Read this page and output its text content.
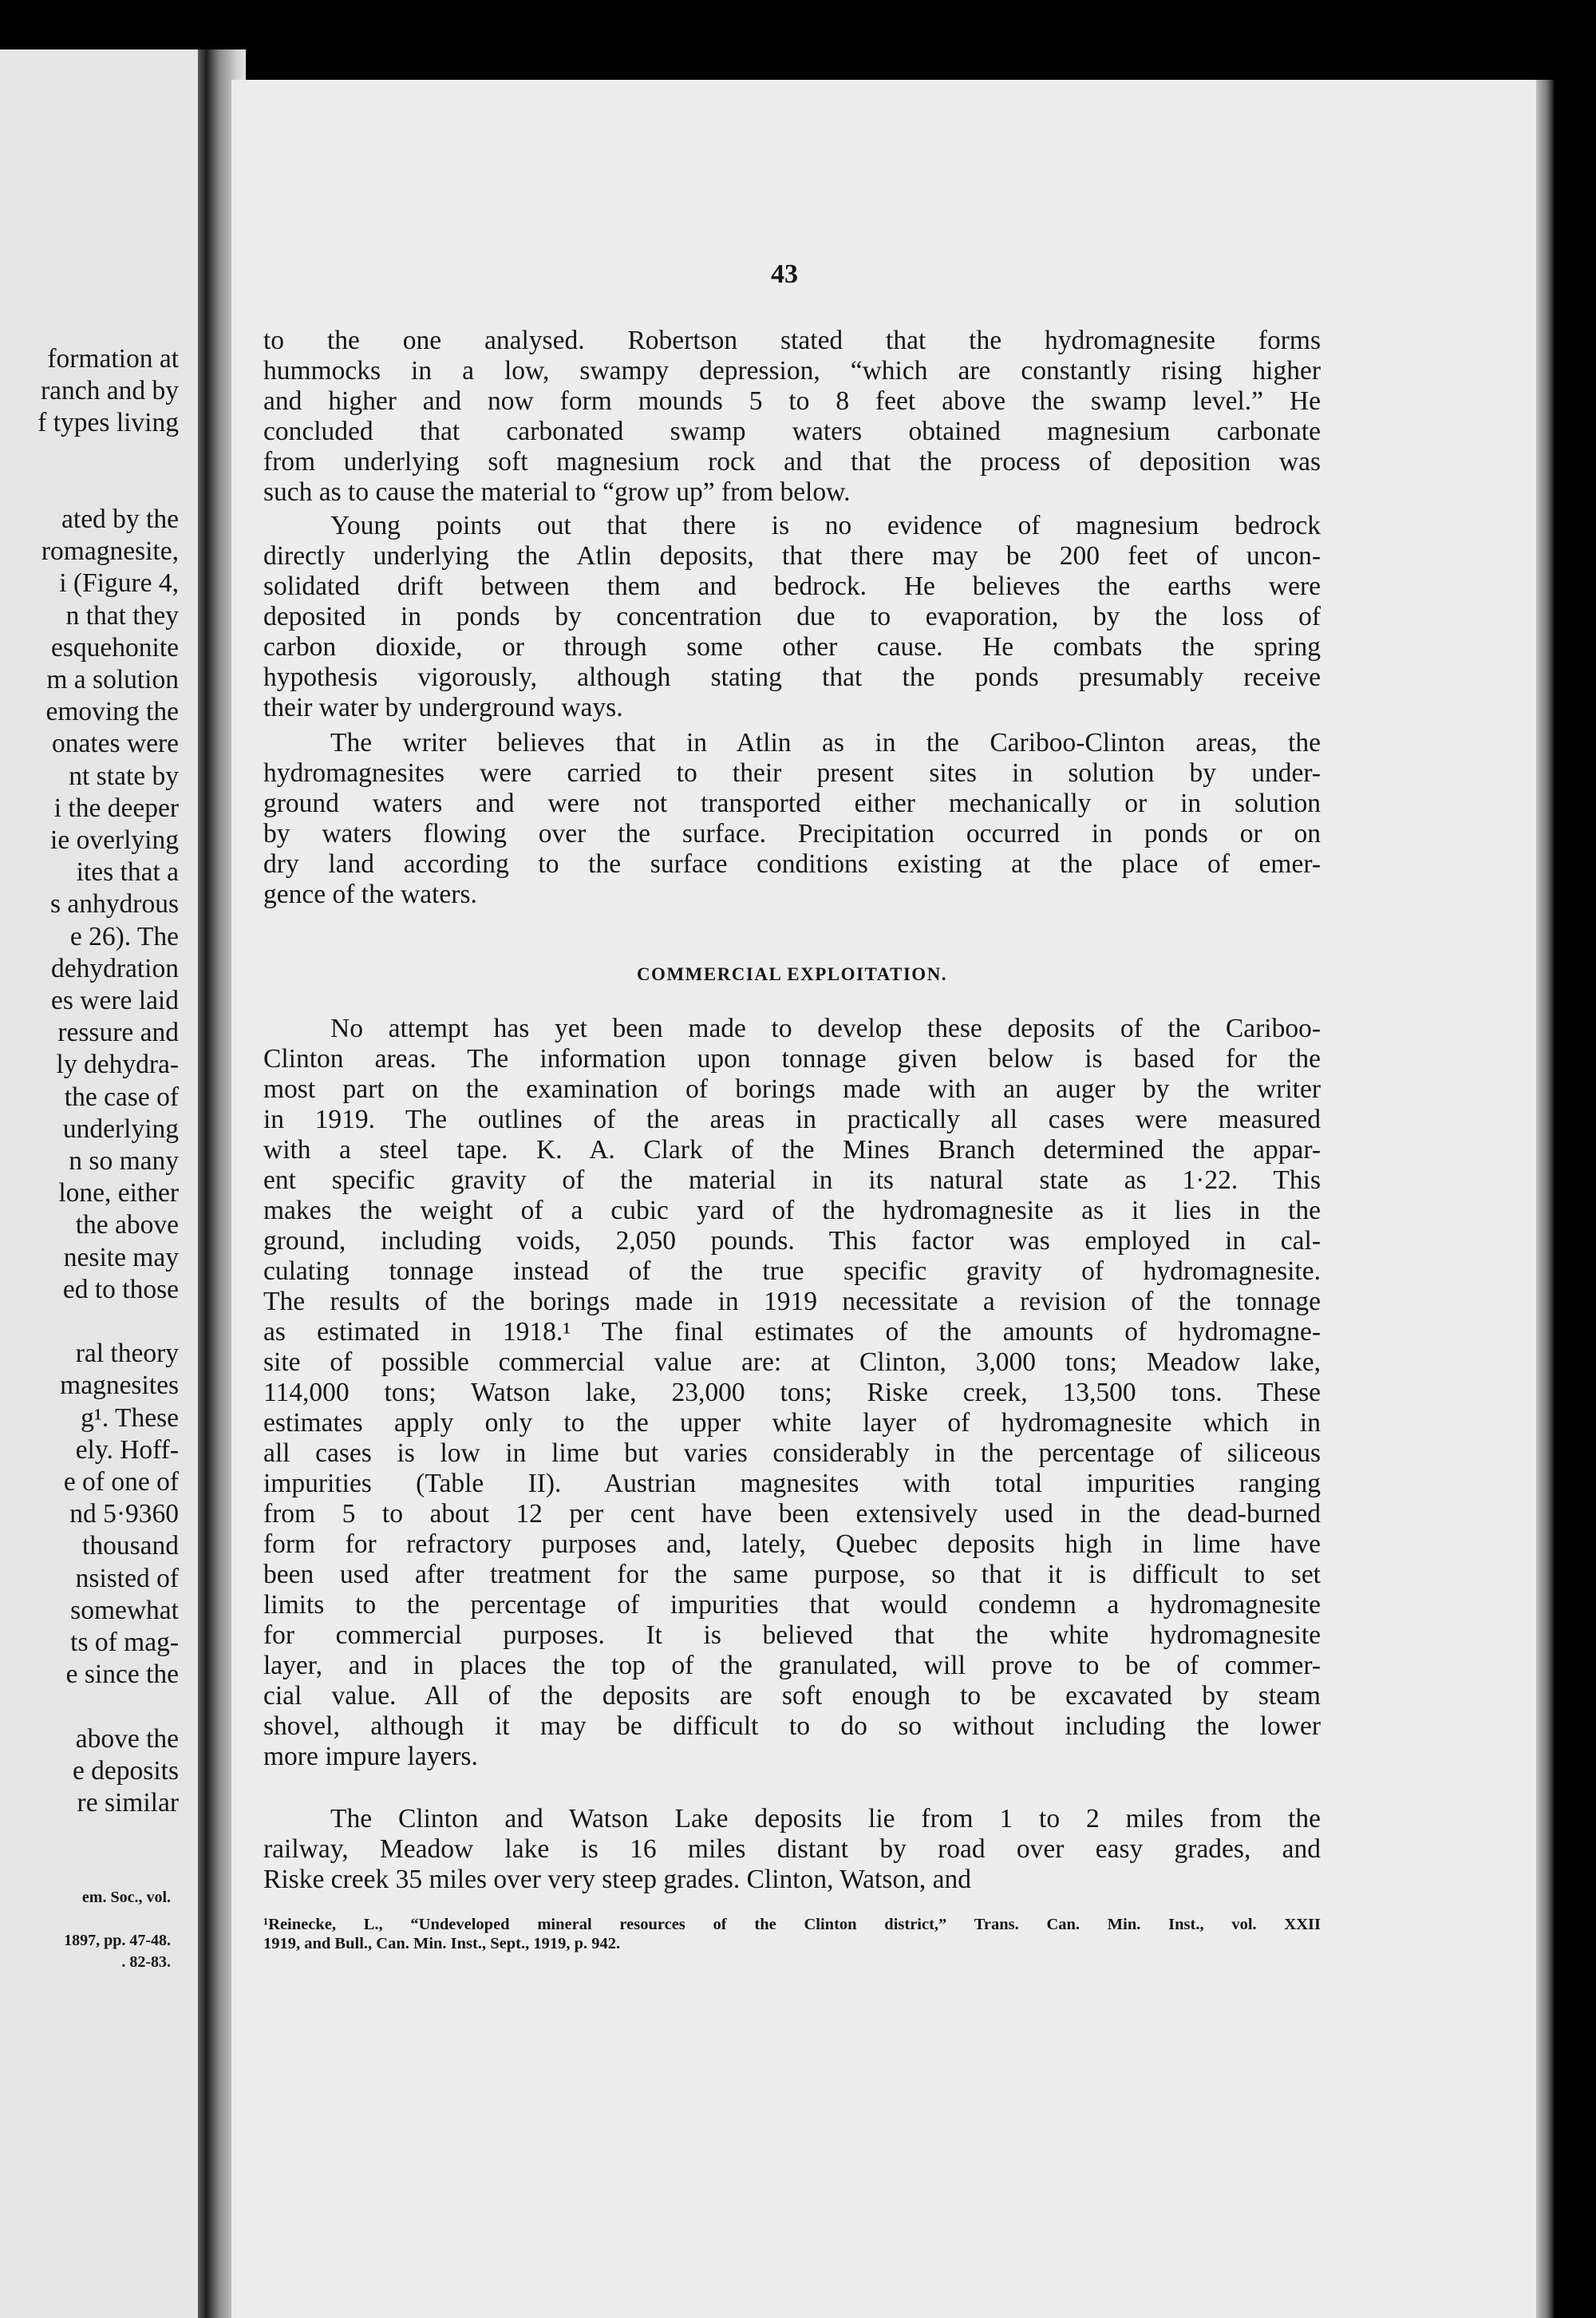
formation at
ranch and by
f types living
ated by the
romagnesite,
i (Figure 4,
n that they
esquehonite
m a solution
emoving the
onates were
nt state by
i the deeper
ie overlying
ites that a
s anhydrous
e 26). The
dehydration
es were laid
ressure and
ly dehydra-
the case of
underlying
n so many
lone, either
the above
nesite may
ed to those
ral theory
magnesites
g¹. These
ely. Hoff-
e of one of
nd 5·9360
thousand
nsisted of
somewhat
ts of mag-
e since the
above the
e deposits
re similar
em. Soc., vol.
1897, pp. 47-48.
. 82-83.
43
COMMERCIAL EXPLOITATION.
to the one analysed. Robertson stated that the hydromagnesite forms
hummocks in a low, swampy depression, “which are constantly rising higher
and higher and now form mounds 5 to 8 feet above the swamp level.” He
concluded that carbonated swamp waters obtained magnesium carbonate
from underlying soft magnesium rock and that the process of deposition was
such as to cause the material to “grow up” from below.
Young points out that there is no evidence of magnesium bedrock
directly underlying the Atlin deposits, that there may be 200 feet of uncon-
solidated drift between them and bedrock. He believes the earths were
deposited in ponds by concentration due to evaporation, by the loss of
carbon dioxide, or through some other cause. He combats the spring
hypothesis vigorously, although stating that the ponds presumably receive
their water by underground ways.
The writer believes that in Atlin as in the Cariboo-Clinton areas, the
hydromagnesites were carried to their present sites in solution by under-
ground waters and were not transported either mechanically or in solution
by waters flowing over the surface. Precipitation occurred in ponds or on
dry land according to the surface conditions existing at the place of emer-
gence of the waters.
No attempt has yet been made to develop these deposits of the Cariboo-
Clinton areas. The information upon tonnage given below is based for the
most part on the examination of borings made with an auger by the writer
in 1919. The outlines of the areas in practically all cases were measured
with a steel tape. K. A. Clark of the Mines Branch determined the appar-
ent specific gravity of the material in its natural state as 1·22. This
makes the weight of a cubic yard of the hydromagnesite as it lies in the
ground, including voids, 2,050 pounds. This factor was employed in cal-
culating tonnage instead of the true specific gravity of hydromagnesite.
The results of the borings made in 1919 necessitate a revision of the tonnage
as estimated in 1918.¹ The final estimates of the amounts of hydromagne-
site of possible commercial value are: at Clinton, 3,000 tons; Meadow lake,
114,000 tons; Watson lake, 23,000 tons; Riske creek, 13,500 tons. These
estimates apply only to the upper white layer of hydromagnesite which in
all cases is low in lime but varies considerably in the percentage of siliceous
impurities (Table II). Austrian magnesites with total impurities ranging
from 5 to about 12 per cent have been extensively used in the dead-burned
form for refractory purposes and, lately, Quebec deposits high in lime have
been used after treatment for the same purpose, so that it is difficult to set
limits to the percentage of impurities that would condemn a hydromagnesite
for commercial purposes. It is believed that the white hydromagnesite
layer, and in places the top of the granulated, will prove to be of commer-
cial value. All of the deposits are soft enough to be excavated by steam
shovel, although it may be difficult to do so without including the lower
more impure layers.
The Clinton and Watson Lake deposits lie from 1 to 2 miles from the
railway, Meadow lake is 16 miles distant by road over easy grades, and
Riske creek 35 miles over very steep grades. Clinton, Watson, and
¹Reinecke, L., “Undeveloped mineral resources of the Clinton district,” Trans. Can. Min. Inst., vol. XXII
1919, and Bull., Can. Min. Inst., Sept., 1919, p. 942.
